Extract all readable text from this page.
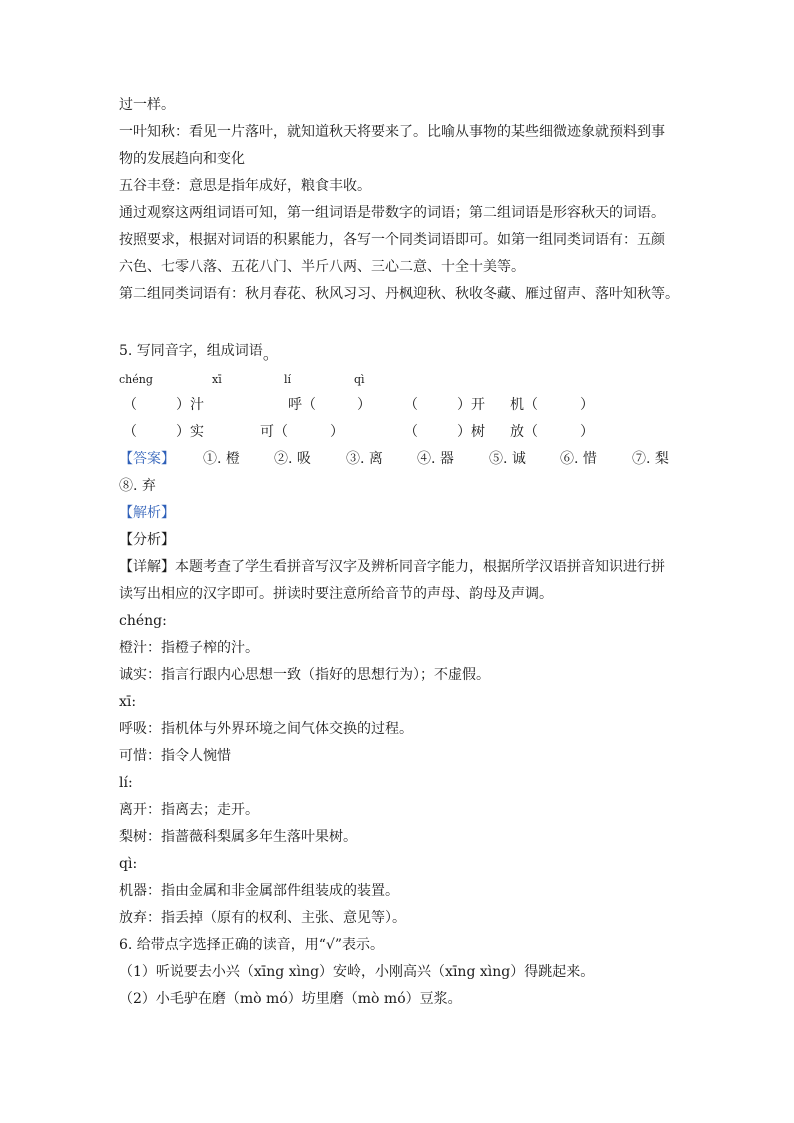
过一样。
一叶知秋：看见一片落叶，就知道秋天将要来了。比喻从事物的某些细微迹象就预料到事
物的发展趋向和变化
五谷丰登：意思是指年成好，粮食丰收。
通过观察这两组词语可知，第一组词语是带数字的词语；第二组词语是形容秋天的词语。
按照要求，根据对词语的积累能力，各写一个同类词语即可。如第一组同类词语有：五颜
六色、七零八落、五花八门、半斤八两、三心二意、十全十美等。
第二组同类词语有：秋月春花、秋风习习、丹枫迎秋、秋收冬藏、雁过留声、落叶知秋等。
5. 写同音字，组成词语。
chéng	xī	lí	qì
（	）汁	呼（	） （	）开 机（	）
（	）实	可（	）	（	）树 放（	）
【答案】 ①. 橙 ②. 吸	③. 离 ④. 器	⑤. 诚 ⑥. 惜	⑦. 梨
⑧. 弃
【解析】
【分析】
【详解】本题考查了学生看拼音写汉字及辨析同音字能力，根据所学汉语拼音知识进行拼
读写出相应的汉字即可。拼读时要注意所给音节的声母、韵母及声调。
chéng:
橙汁：指橙子榨的汁。
诚实：指言行跟内心思想一致（指好的思想行为）；不虚假。
xī:
呼吸：指机体与外界环境之间气体交换的过程。
可惜：指令人惋惜
lí:
离开：指离去；走开。
梨树：指蔷薇科梨属多年生落叶果树。
qì:
机器：指由金属和非金属部件组装成的装置。
放弃：指丢掉（原有的权利、主张、意见等）。
6. 给带点字选择正确的读音，用“√”表示。
（1）听说要去小兴（xīng xìng）安岭，小刚高兴（xīng xìng）得跳起来。
（2）小毛驴在磨（mò mó）坊里磨（mò mó）豆浆。
